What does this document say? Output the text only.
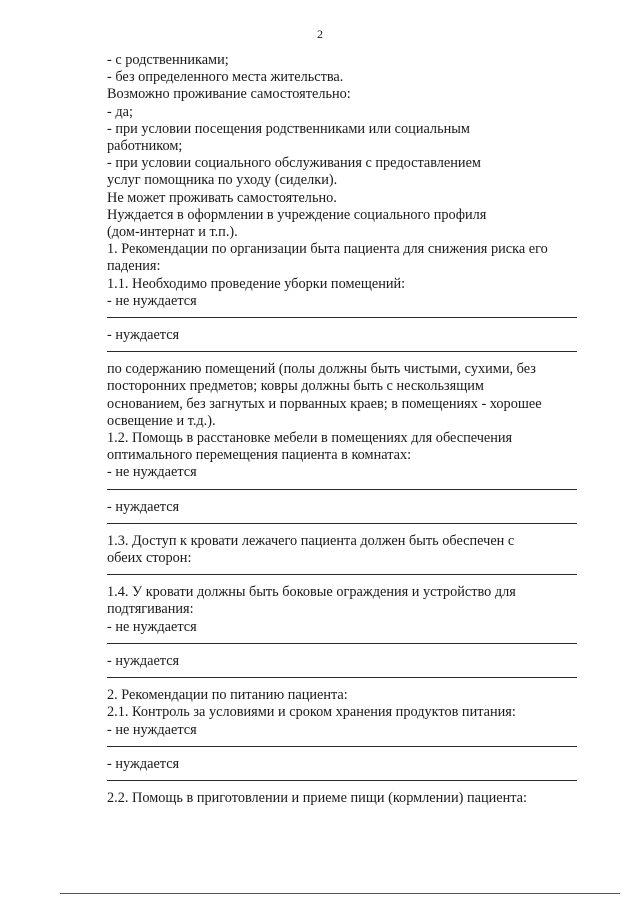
2
- с родственниками;
- без определенного места жительства.
Возможно проживание самостоятельно:
- да;
- при условии посещения родственниками или социальным
работником;
- при условии социального обслуживания с предоставлением
услуг помощника по уходу (сиделки).
Не может проживать самостоятельно.
Нуждается в оформлении в учреждение социального профиля
(дом-интернат и т.п.).
1. Рекомендации по организации быта пациента для снижения риска его
падения:
1.1. Необходимо проведение уборки помещений:
- не нуждается
- нуждается
по содержанию помещений (полы должны быть чистыми, сухими, без
посторонних предметов; ковры должны быть с нескользящим
основанием, без загнутых и порванных краев; в помещениях - хорошее
освещение и т.д.).
1.2. Помощь в расстановке мебели в помещениях для обеспечения
оптимального перемещения пациента в комнатах:
- не нуждается
- нуждается
1.3. Доступ к кровати лежачего пациента должен быть обеспечен с
обеих сторон:
1.4. У кровати должны быть боковые ограждения и устройство для
подтягивания:
- не нуждается
- нуждается
2. Рекомендации по питанию пациента:
2.1. Контроль за условиями и сроком хранения продуктов питания:
- не нуждается
- нуждается
2.2. Помощь в приготовлении и приеме пищи (кормлении) пациента:
